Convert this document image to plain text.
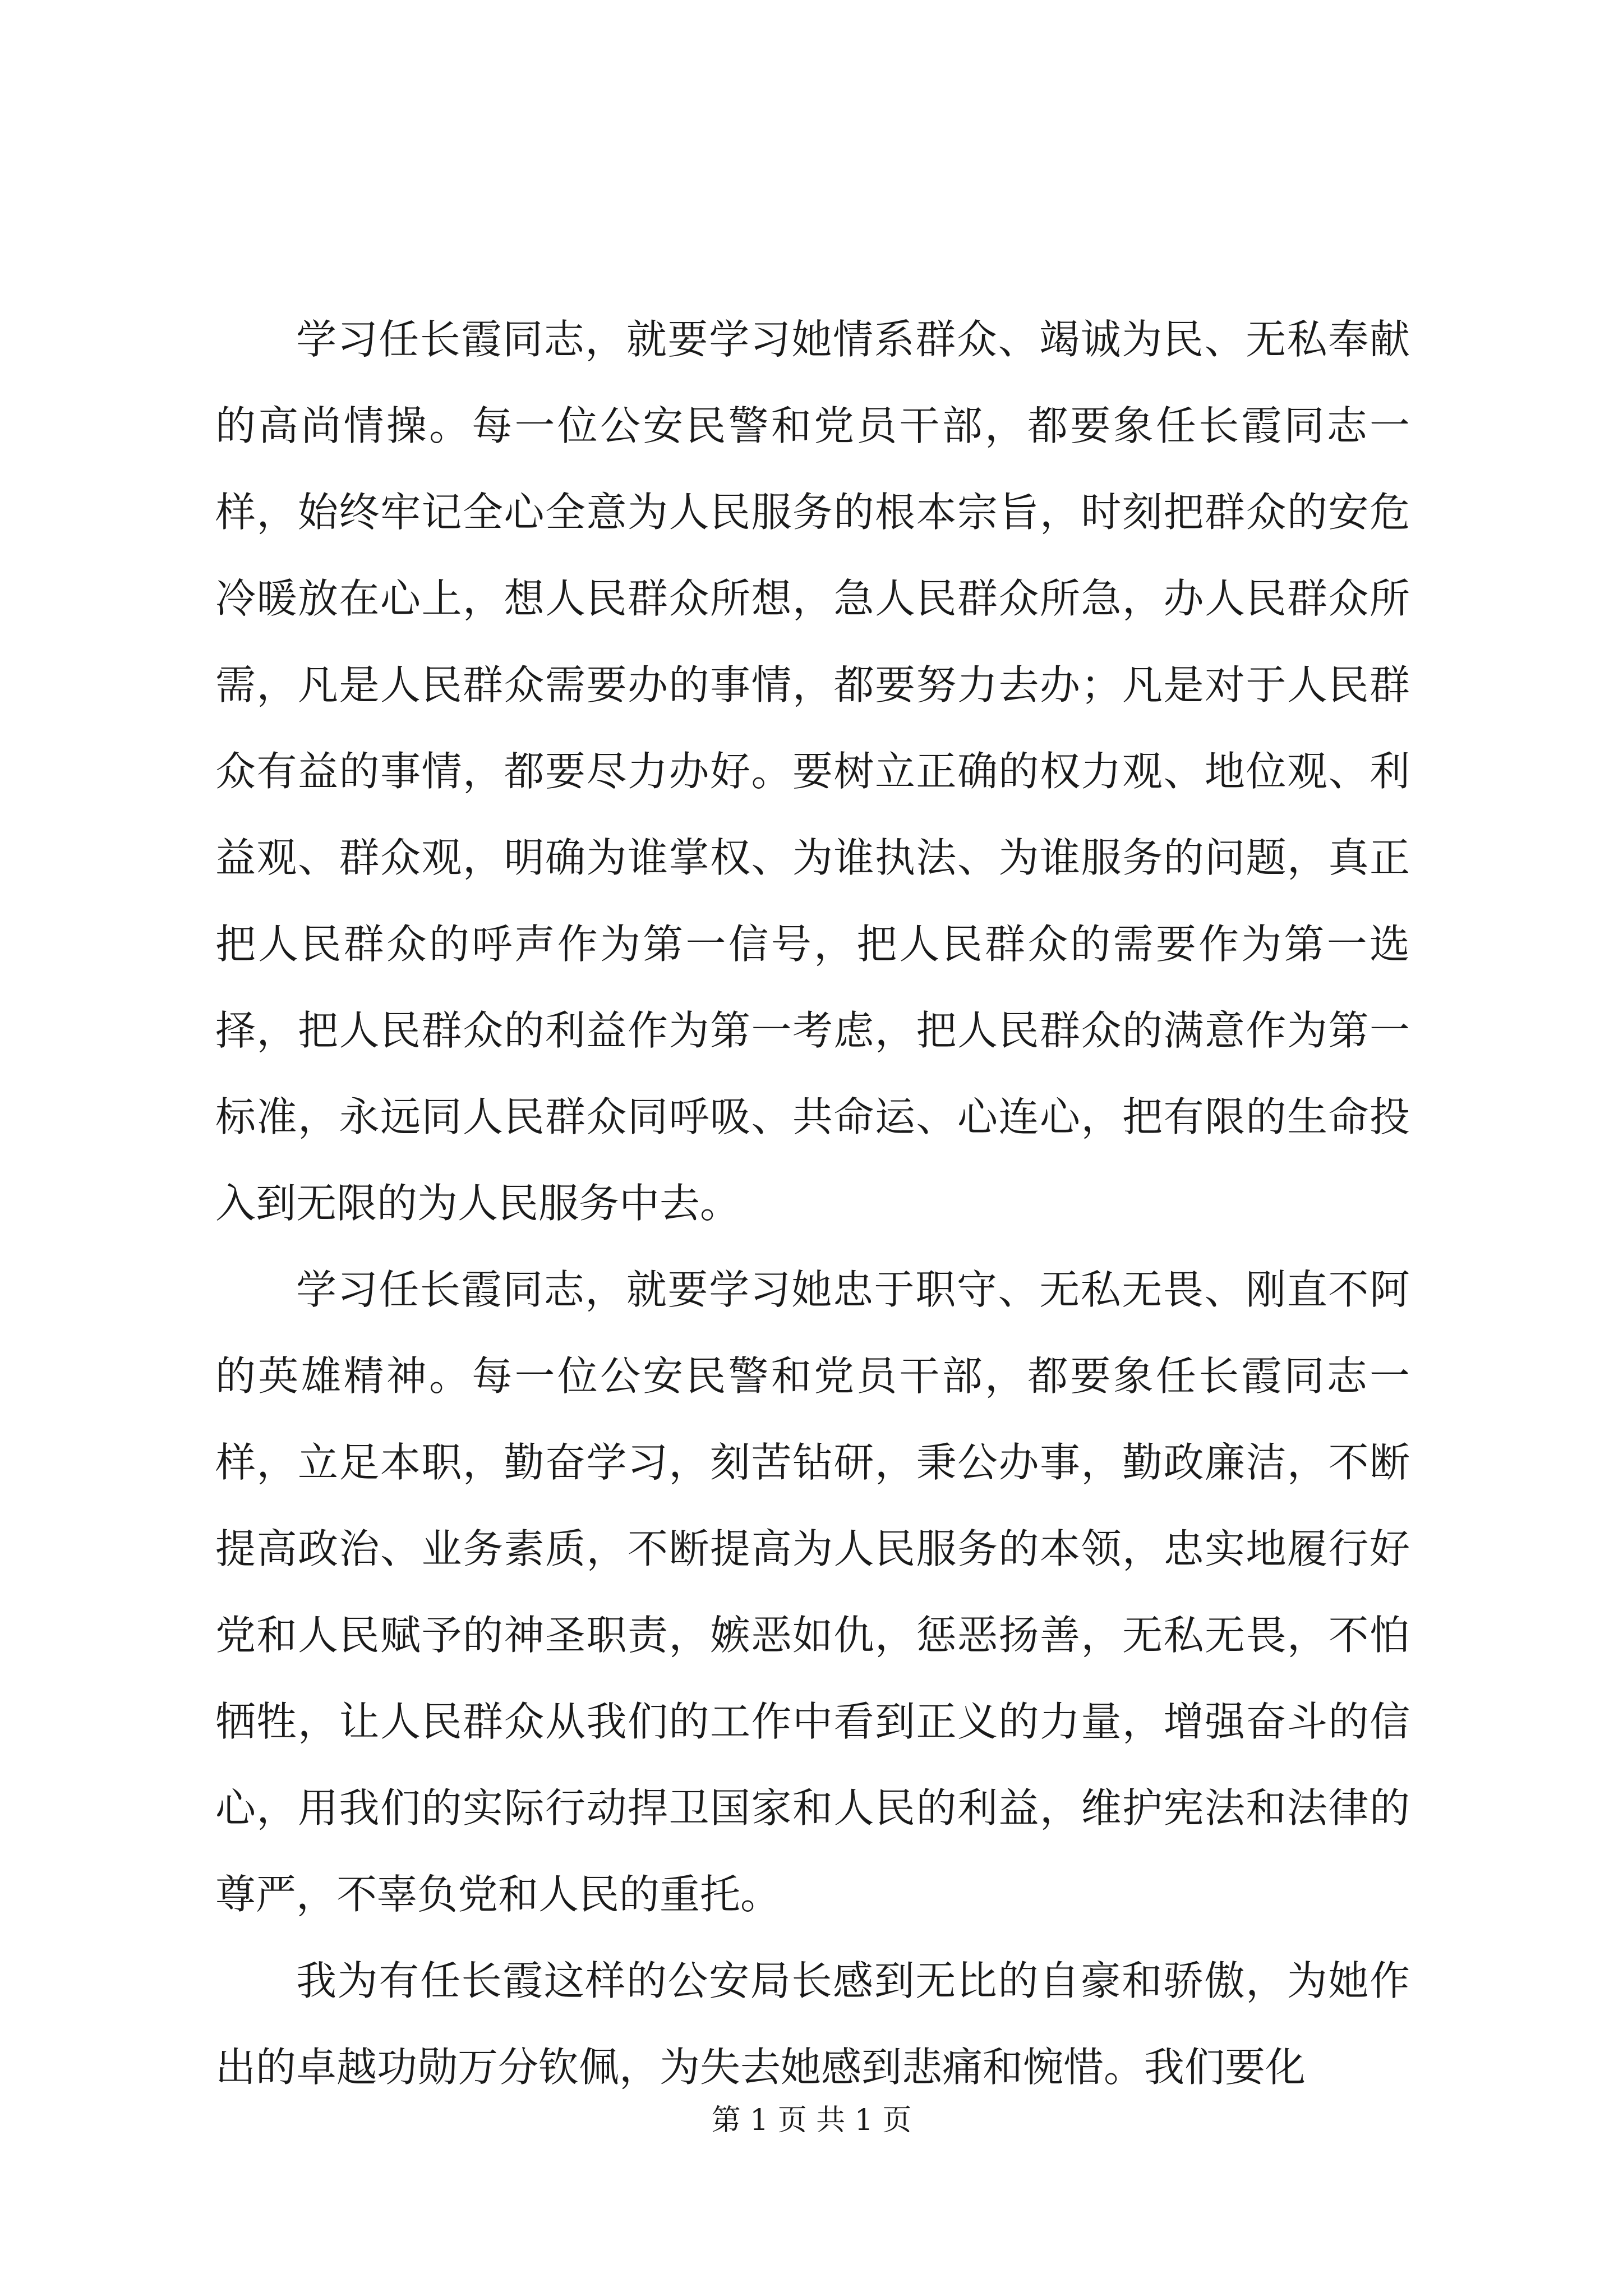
学习任长霞同志，就要学习她情系群众、竭诚为民、无私奉献的高尚情操。每一位公安民警和党员干部，都要象任长霞同志一样，始终牢记全心全意为人民服务的根本宗旨，时刻把群众的安危冷暖放在心上，想人民群众所想，急人民群众所急，办人民群众所需，凡是人民群众需要办的事情，都要努力去办；凡是对于人民群众有益的事情，都要尽力办好。要树立正确的权力观、地位观、利益观、群众观，明确为谁掌权、为谁执法、为谁服务的问题，真正把人民群众的呼声作为第一信号，把人民群众的需要作为第一选择，把人民群众的利益作为第一考虑，把人民群众的满意作为第一标准，永远同人民群众同呼吸、共命运、心连心，把有限的生命投入到无限的为人民服务中去。

学习任长霞同志，就要学习她忠于职守、无私无畏、刚直不阿的英雄精神。每一位公安民警和党员干部，都要象任长霞同志一样，立足本职，勤奋学习，刻苦钻研，秉公办事，勤政廉洁，不断提高政治、业务素质，不断提高为人民服务的本领，忠实地履行好党和人民赋予的神圣职责，嫉恶如仇，惩恶扬善，无私无畏，不怕牺牲，让人民群众从我们的工作中看到正义的力量，增强奋斗的信心，用我们的实际行动捍卫国家和人民的利益，维护宪法和法律的尊严，不辜负党和人民的重托。

我为有任长霞这样的公安局长感到无比的自豪和骄傲，为她作出的卓越功勋万分钦佩，为失去她感到悲痛和惋惜。我们要化

第 1 页 共 1 页
